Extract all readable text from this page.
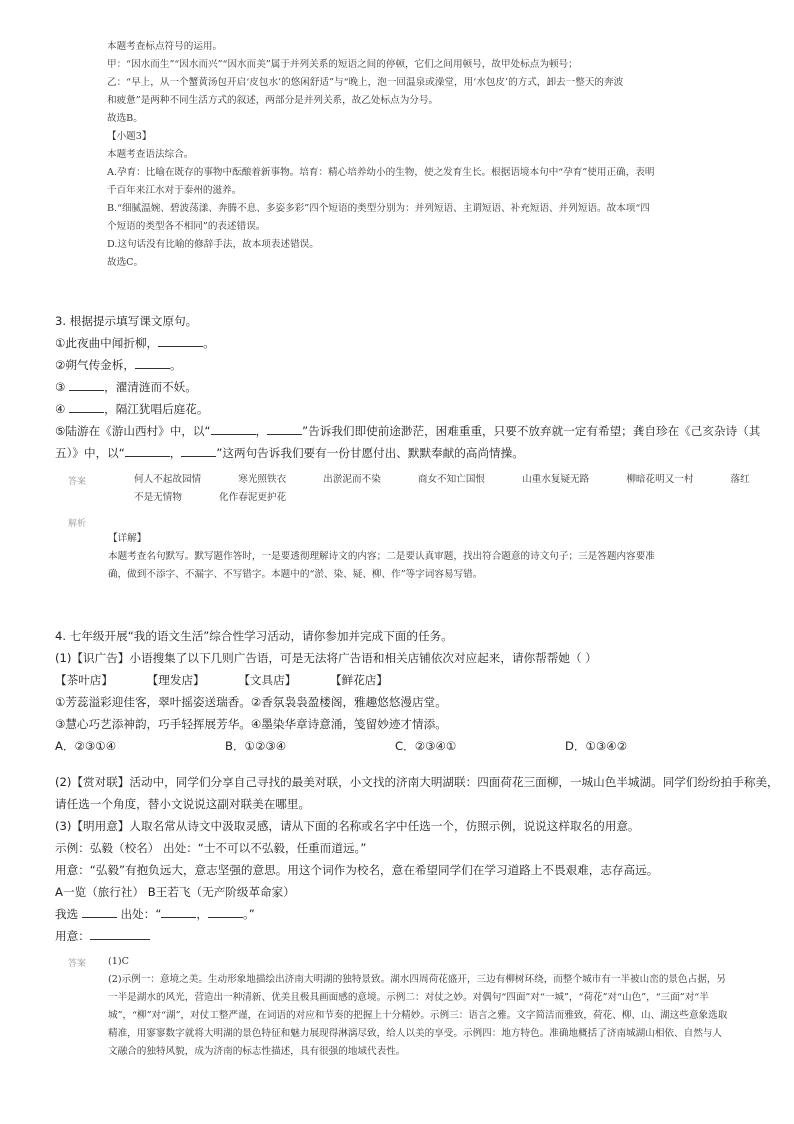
本题考查标点符号的运用。

甲：“因水而生”“因水而兴”“因水而美”属于并列关系的短语之间的停顿，它们之间用顿号，故甲处标点为顿号；

乙：“早上，从一个蟹黄汤包开启‘皮包水’的悠闲舒适”与“晚上，泡一回温泉或澡堂，用‘水包皮’的方式，卸去一整天的奔波

和疲惫”是两种不同生活方式的叙述，两部分是并列关系，故乙处标点为分号。

故选B。

【小题3】

本题考查语法综合。

A.孕育：比喻在既存的事物中酝酿着新事物。培育：精心培养幼小的生物，使之发育生长。根据语境本句中“孕育”使用正确，表明

千百年来江水对于泰州的滋养。

B.“细腻温婉、碧波荡漾、奔腾不息、多姿多彩”四个短语的类型分别为：并列短语、主谓短语、补充短语、并列短语。故本项“四

个短语的类型各不相同”的表述错误。

D.这句话没有比喻的修辞手法，故本项表述错误。

故选C。

3. 根据提示填写课文原句。

①此夜曲中闻折柳，	。

②朔气传金柝，	。

③	，濯清涟而不妖。

④	，隔江犹唱后庭花。

⑤陆游在《游山西村》中，以“	，	”告诉我们即使前途渺茫，困难重重，只要不放弃就一定有希望；龚自珍在《己亥杂诗（其

五）》中，以“	，	”这两句告诉我们要有一份甘愿付出、默默奉献的高尚情操。

答案	何人不起故园情	寒光照铁衣	出淤泥而不染	商女不知亡国恨	山重水复疑无路	柳暗花明又一村	落红
不是无情物	化作春泥更护花
解析

【详解】

本题考查名句默写。默写题作答时，一是要透彻理解诗文的内容；二是要认真审题，找出符合题意的诗文句子；三是答题内容要准

确，做到不添字、不漏字、不写错字。本题中的“淤、染、疑、柳、作”等字词容易写错。

4. 七年级开展“我的语文生活”综合性学习活动，请你参加并完成下面的任务。

(1)【识广告】小语搜集了以下几则广告语，可是无法将广告语和相关店铺依次对应起来，请你帮帮她（ ）

【茶叶店】	【理发店】	【文具店】	【鲜花店】

①芳蕊溢彩迎佳客，翠叶摇姿送瑞香。②香氛袅袅盈楼阁，雅趣悠悠漫店堂。

③慧心巧艺添神韵，巧手轻挥展芳华。④墨染华章诗意涌，笺留妙迹才情添。

A．②③①④	B．①②③④	C．②③④①	D．①③④②

(2)【赏对联】活动中，同学们分享自己寻找的最美对联，小文找的济南大明湖联：四面荷花三面柳，一城山色半城湖。同学们纷纷拍手称美，

请任选一个角度，替小文说说这副对联美在哪里。

(3)【明用意】人取名常从诗文中汲取灵感，请从下面的名称或名字中任选一个，仿照示例，说说这样取名的用意。

示例：弘毅（校名） 出处：“士不可以不弘毅，任重而道远。”

用意：“弘毅”有抱负远大，意志坚强的意思。用这个词作为校名，意在希望同学们在学习道路上不畏艰难，志存高远。

A一览（旅行社） B王若飞（无产阶级革命家）

我选	出处：“	，	。”

用意：

答案 (1)C

(2)示例一：意境之美。生动形象地描绘出济南大明湖的独特景致。湖水四周荷花盛开，三边有柳树环绕，而整个城市有一半被山峦的景色占据，另一半是湖水的风光，营造出一种清新、优美且极具画面感的意境。示例二：对仗之妙。对偶句“四面”对“一城”，“荷花”对“山色”，“三面”对“半城”，“柳”对“湖”，对仗工整严谨，在词语的对应和节奏的把握上十分精妙。示例三：语言之雅。文字简洁而雅致，荷花、柳、山、湖这些意象选取精准，用寥寥数字就将大明湖的景色特征和魅力展现得淋漓尽致，给人以美的享受。示例四：地方特色。准确地概括了济南城湖山相依、自然与人文融合的独特风貌，成为济南的标志性描述，具有很强的地域代表性。
